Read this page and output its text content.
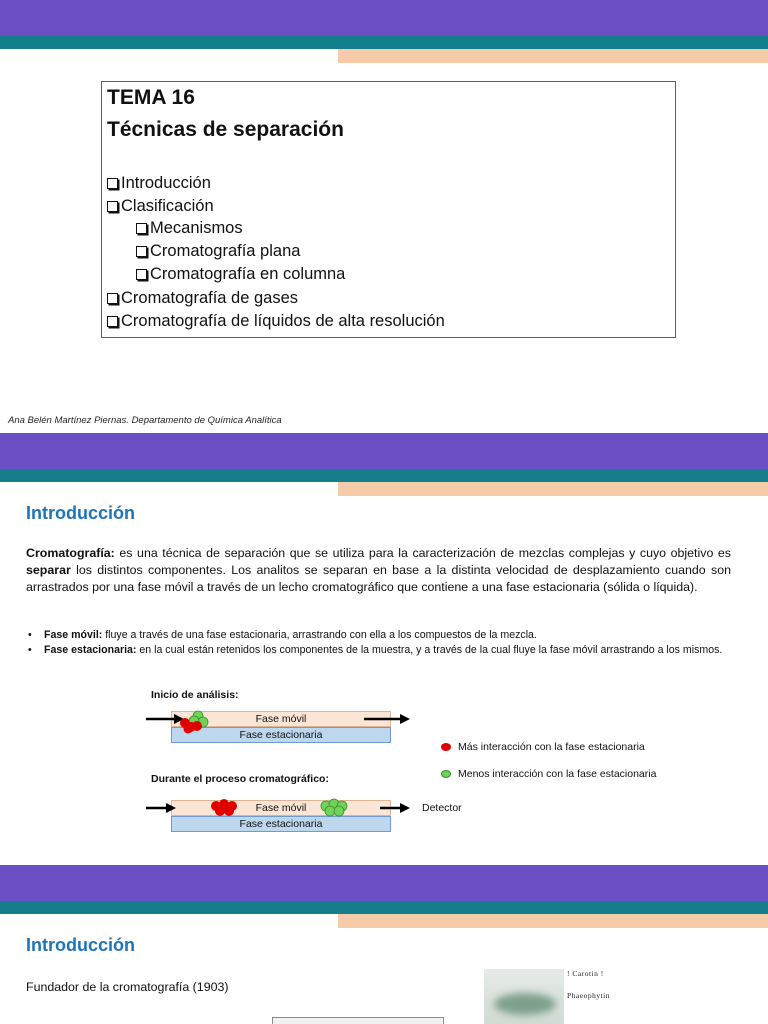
TEMA 16
Técnicas de separación
Introducción
Clasificación
Mecanismos
Cromatografía plana
Cromatografía en columna
Cromatografía de gases
Cromatografía de líquidos de alta resolución
Ana Belén Martínez Piernas. Departamento de Química Analítica
Introducción
Cromatografía: es una técnica de separación que se utiliza para la caracterización de mezclas complejas y cuyo objetivo es separar los distintos componentes. Los analitos se separan en base a la distinta velocidad de desplazamiento cuando son arrastrados por una fase móvil a través de un lecho cromatográfico que contiene a una fase estacionaria (sólida o líquida).
• Fase móvil: fluye a través de una fase estacionaria, arrastrando con ella a los compuestos de la mezcla.
• Fase estacionaria: en la cual están retenidos los componentes de la muestra, y a través de la cual fluye la fase móvil arrastrando a los mismos.
Inicio de análisis:
Fase móvil
Fase estacionaria
Más interacción con la fase estacionaria
Menos interacción con la fase estacionaria
Durante el proceso cromatográfico:
Fase móvil
Fase estacionaria
Detector
Introducción
Fundador de la cromatografía (1903)
! Carotin !
Phaeophytin
